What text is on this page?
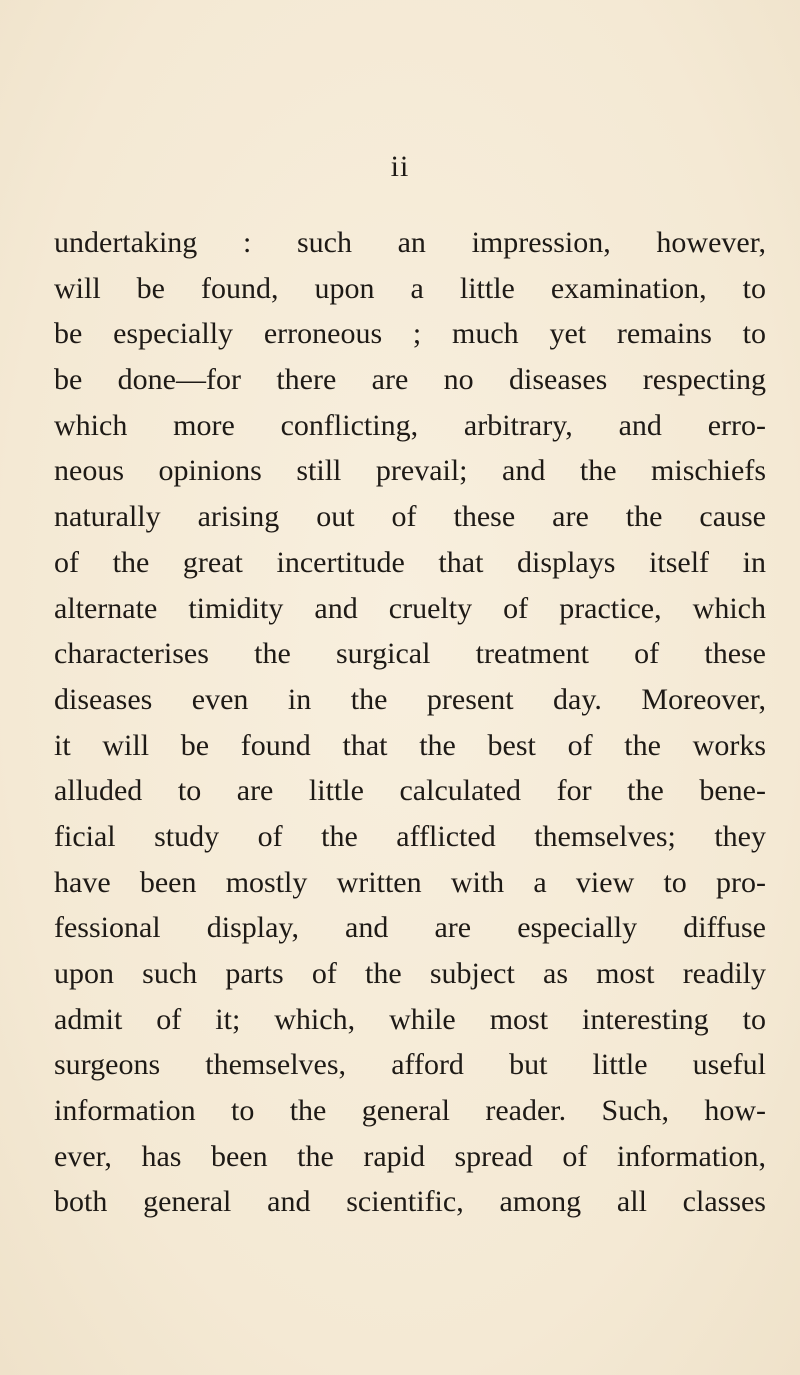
ii
undertaking : such an impression, however,
will be found, upon a little examination, to
be especially erroneous ; much yet remains to
be done—for there are no diseases respecting
which more conflicting, arbitrary, and erro-
neous opinions still prevail; and the mischiefs
naturally arising out of these are the cause
of the great incertitude that displays itself in
alternate timidity and cruelty of practice, which
characterises the surgical treatment of these
diseases even in the present day. Moreover,
it will be found that the best of the works
alluded to are little calculated for the bene-
ficial study of the afflicted themselves; they
have been mostly written with a view to pro-
fessional display, and are especially diffuse
upon such parts of the subject as most readily
admit of it; which, while most interesting to
surgeons themselves, afford but little useful
information to the general reader. Such, how-
ever, has been the rapid spread of information,
both general and scientific, among all classes
